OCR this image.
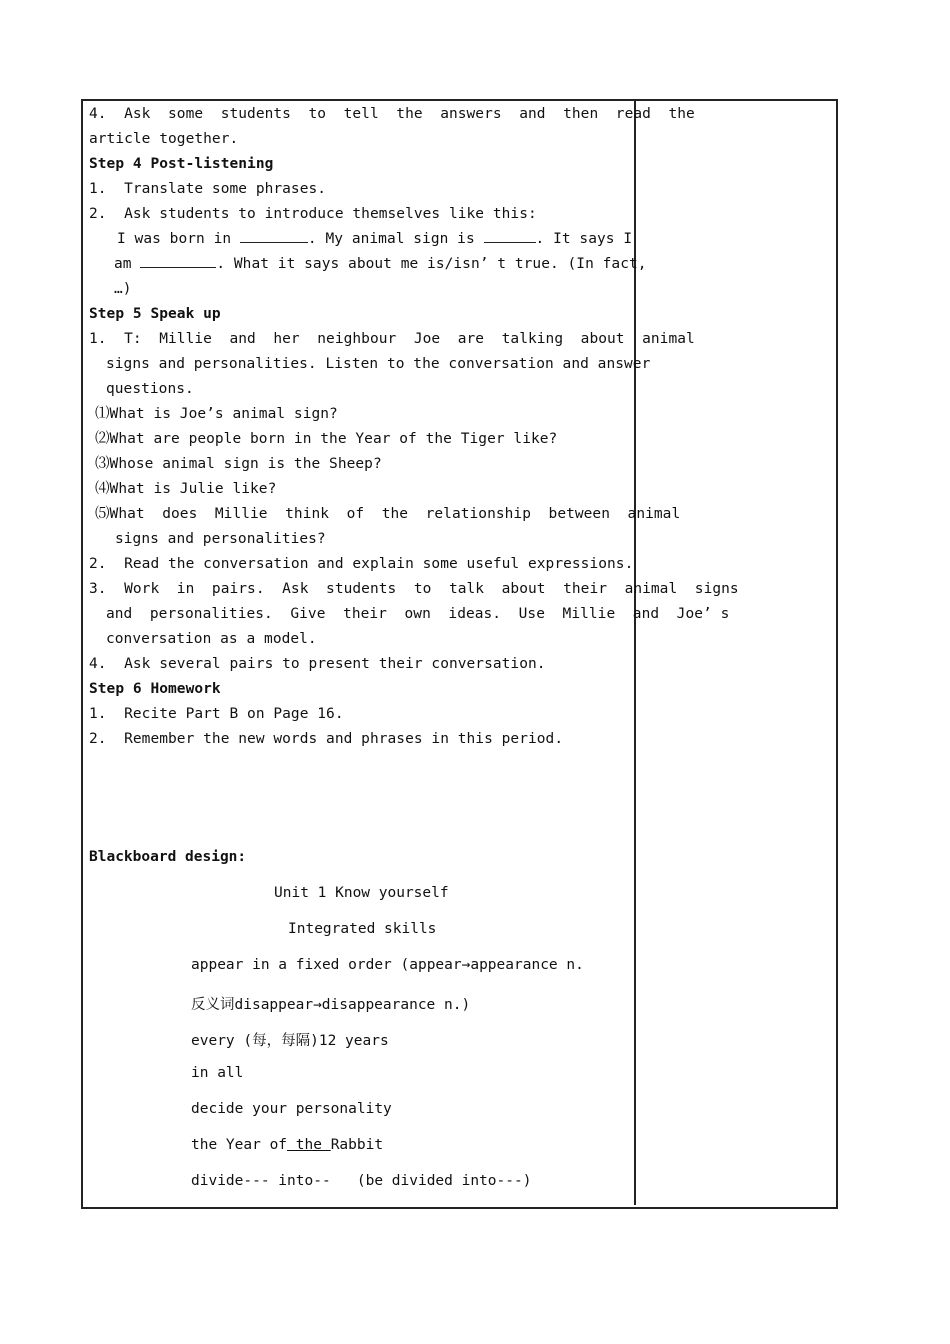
4.  Ask  some  students  to  tell  the  answers  and  then  read  the
article together.
Step 4 Post-listening
1.  Translate some phrases.
2.  Ask students to introduce themselves like this:
I was born in	. My animal sign is	. It says I
am	. What it says about me is/isn’ t true. (In fact,
…)
Step 5 Speak up
1.  T:  Millie  and  her  neighbour  Joe  are  talking  about  animal
signs and personalities. Listen to the conversation and answer
questions.
⑴What is Joe’s animal sign?
⑵What are people born in the Year of the Tiger like?
⑶Whose animal sign is the Sheep?
⑷What is Julie like?
⑸What  does  Millie  think  of  the  relationship  between  animal
signs and personalities?
2.  Read the conversation and explain some useful expressions.
3.  Work  in  pairs.  Ask  students  to  talk  about  their  animal  signs
and  personalities.  Give  their  own  ideas.  Use  Millie  and  Joe’ s
conversation as a model.
4.  Ask several pairs to present their conversation.
Step 6 Homework
1.  Recite Part B on Page 16.
2.  Remember the new words and phrases in this period.
Blackboard design:
Unit 1 Know yourself
Integrated skills
appear in a fixed order (appear→appearance n.
反义词disappear→disappearance n.)
every (每，每隔)12 years
in all
decide your personality
the Year of the Rabbit
divide--- into--   (be divided into---)
